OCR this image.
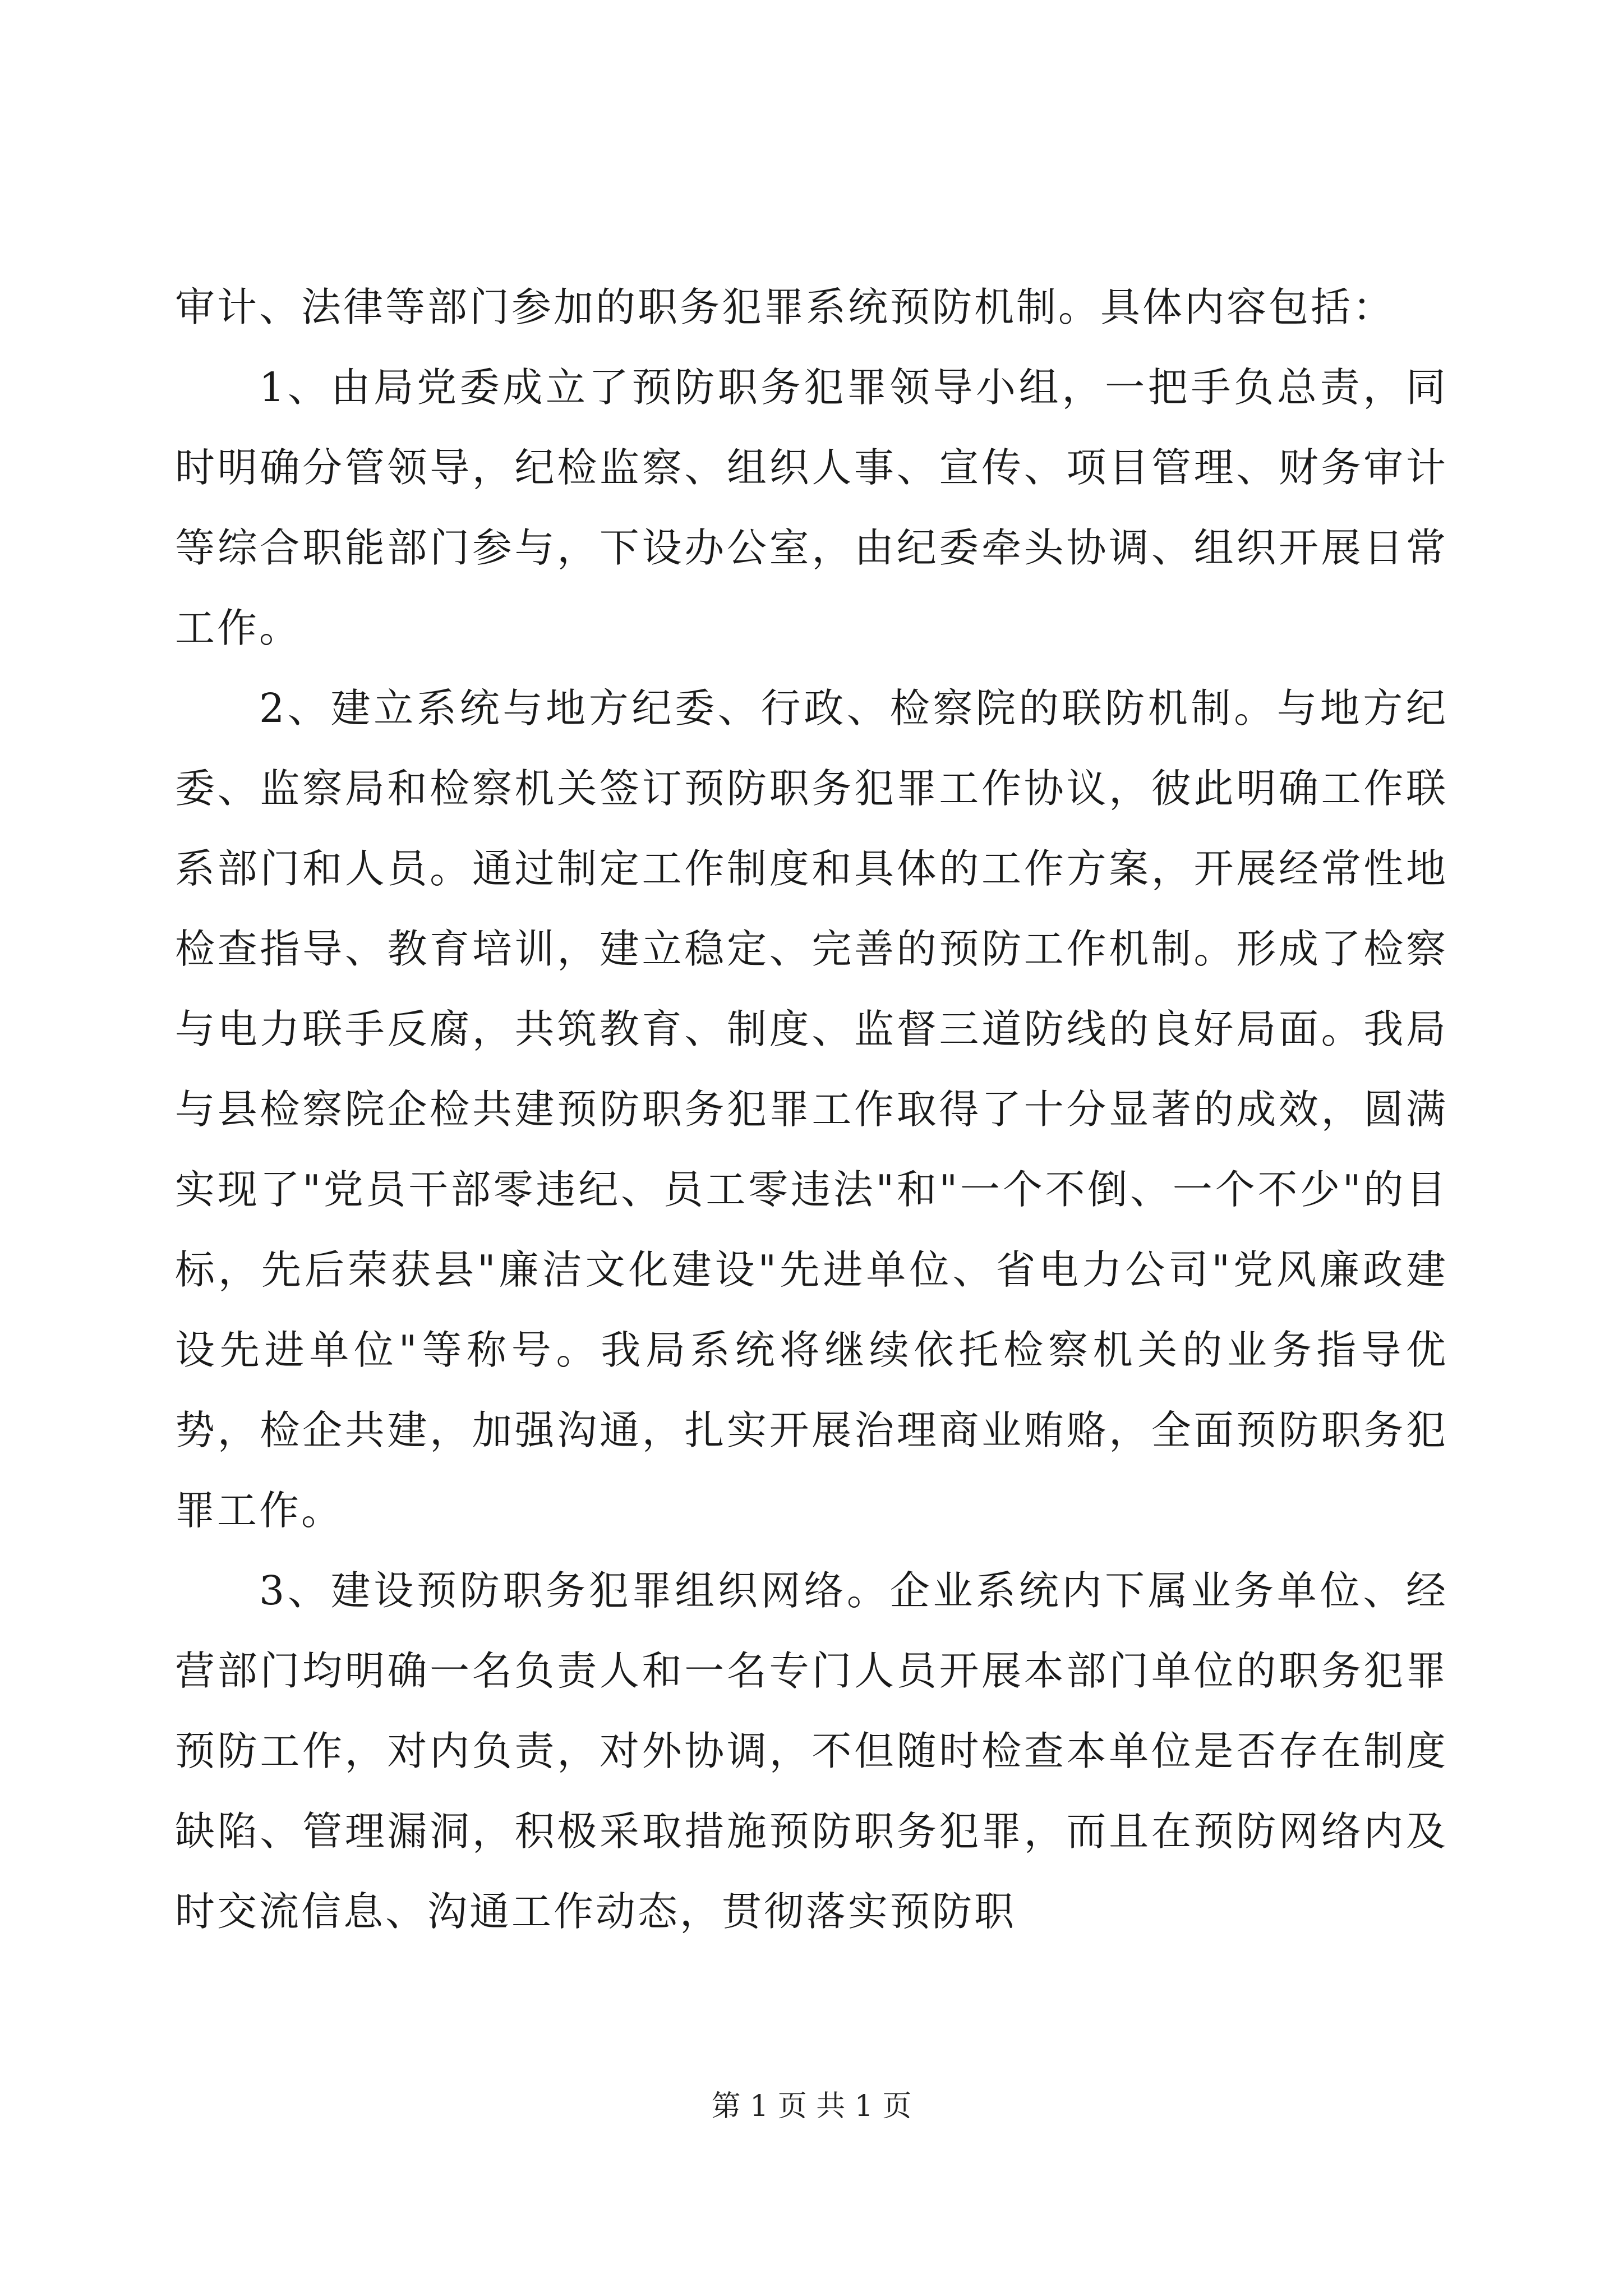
审计、法律等部门参加的职务犯罪系统预防机制。具体内容包括：

1、由局党委成立了预防职务犯罪领导小组，一把手负总责，同时明确分管领导，纪检监察、组织人事、宣传、项目管理、财务审计等综合职能部门参与，下设办公室，由纪委牵头协调、组织开展日常工作。

2、建立系统与地方纪委、行政、检察院的联防机制。与地方纪委、监察局和检察机关签订预防职务犯罪工作协议，彼此明确工作联系部门和人员。通过制定工作制度和具体的工作方案，开展经常性地检查指导、教育培训，建立稳定、完善的预防工作机制。形成了检察与电力联手反腐，共筑教育、制度、监督三道防线的良好局面。我局与县检察院企检共建预防职务犯罪工作取得了十分显著的成效，圆满实现了"党员干部零违纪、员工零违法"和"一个不倒、一个不少"的目标，先后荣获县"廉洁文化建设"先进单位、省电力公司"党风廉政建设先进单位"等称号。我局系统将继续依托检察机关的业务指导优势，检企共建，加强沟通，扎实开展治理商业贿赂，全面预防职务犯罪工作。

3、建设预防职务犯罪组织网络。企业系统内下属业务单位、经营部门均明确一名负责人和一名专门人员开展本部门单位的职务犯罪预防工作，对内负责，对外协调，不但随时检查本单位是否存在制度缺陷、管理漏洞，积极采取措施预防职务犯罪，而且在预防网络内及时交流信息、沟通工作动态，贯彻落实预防职

第 1 页 共 1 页
